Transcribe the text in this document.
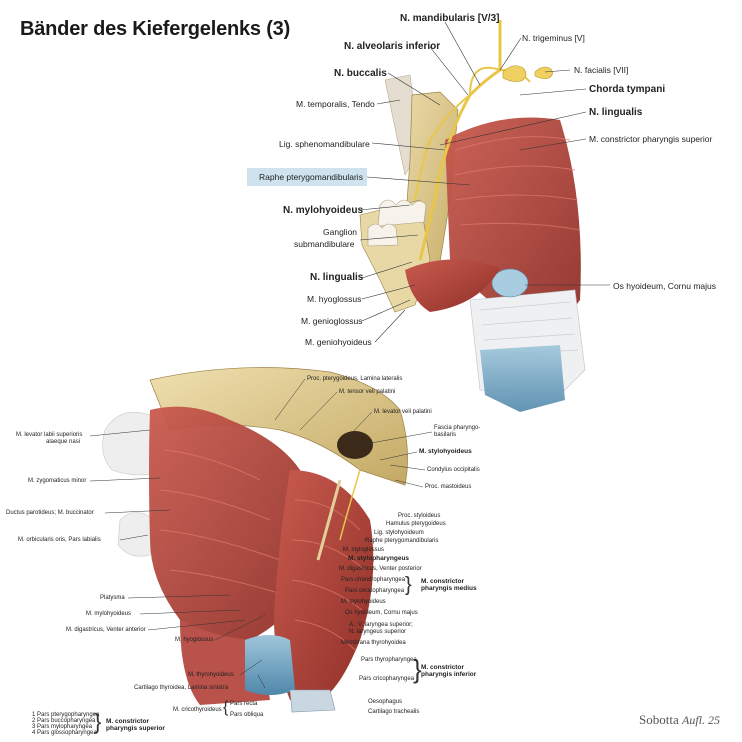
Bänder des Kiefergelenks (3)	N. mandibularis [V/3]
N. trigeminus [V]
N. alveolaris inferior
N. facialis [VII]
N. buccalis
Chorda tympani
M. temporalis, Tendo
N. lingualis
Lig. sphenomandibulare	M. constrictor pharyngis superior
Raphe pterygomandibularis
N. mylohyoideus
Ganglion
submandibulare
N. lingualis
Os hyoideum, Cornu majus
M. hyoglossus
M. genioglossus
M. geniohyoideus
M. levator labii superioris
alaeque nasi
M. zygomaticus minor
Ductus parotideus; M. buccinator
M. orbicularis oris, Pars labialis
Platysma
M. mylohyoideus
M. digastricus, Venter anterior
M. hyoglossus
M. thyrohyoideus
Cartilago thyroidea, Lamina sinistra
M. cricothyroideus
Pars recta
Pars obliqua
{
Proc. pterygoideus, Lamina lateralis
M. tensor veli palatini
M. levator veli palatini
Fascia pharyngo-
basilaris
M. stylohyoideus
Condylus occipitalis
Proc. mastoideus
Proc. styloideus
Hamulus pterygoideus
Lig. stylohyoideum
Raphe pterygomandibularis
M. styloglossus
M. stylopharyngeus
M. digastricus, Venter posterior
Pars chondropharyngea
Pars ceratopharyngea } M. constrictor
pharyngis medius
M. stylohyoideus
Os hyoideum, Cornu majus
A.; V. laryngea superior;
N. laryngeus superior
Membrana thyrohyoidea
Pars thyropharyngea
Pars cricopharyngea
} M. constrictor
pharyngis inferior
Oesophagus
Cartilago trachealis
1 Pars pterygopharyngea
2 Pars buccopharyngea
3 Pars mylopharyngea
4 Pars glossopharyngea
} M. constrictor
pharyngis superior
Sobotta Aufl. 25
